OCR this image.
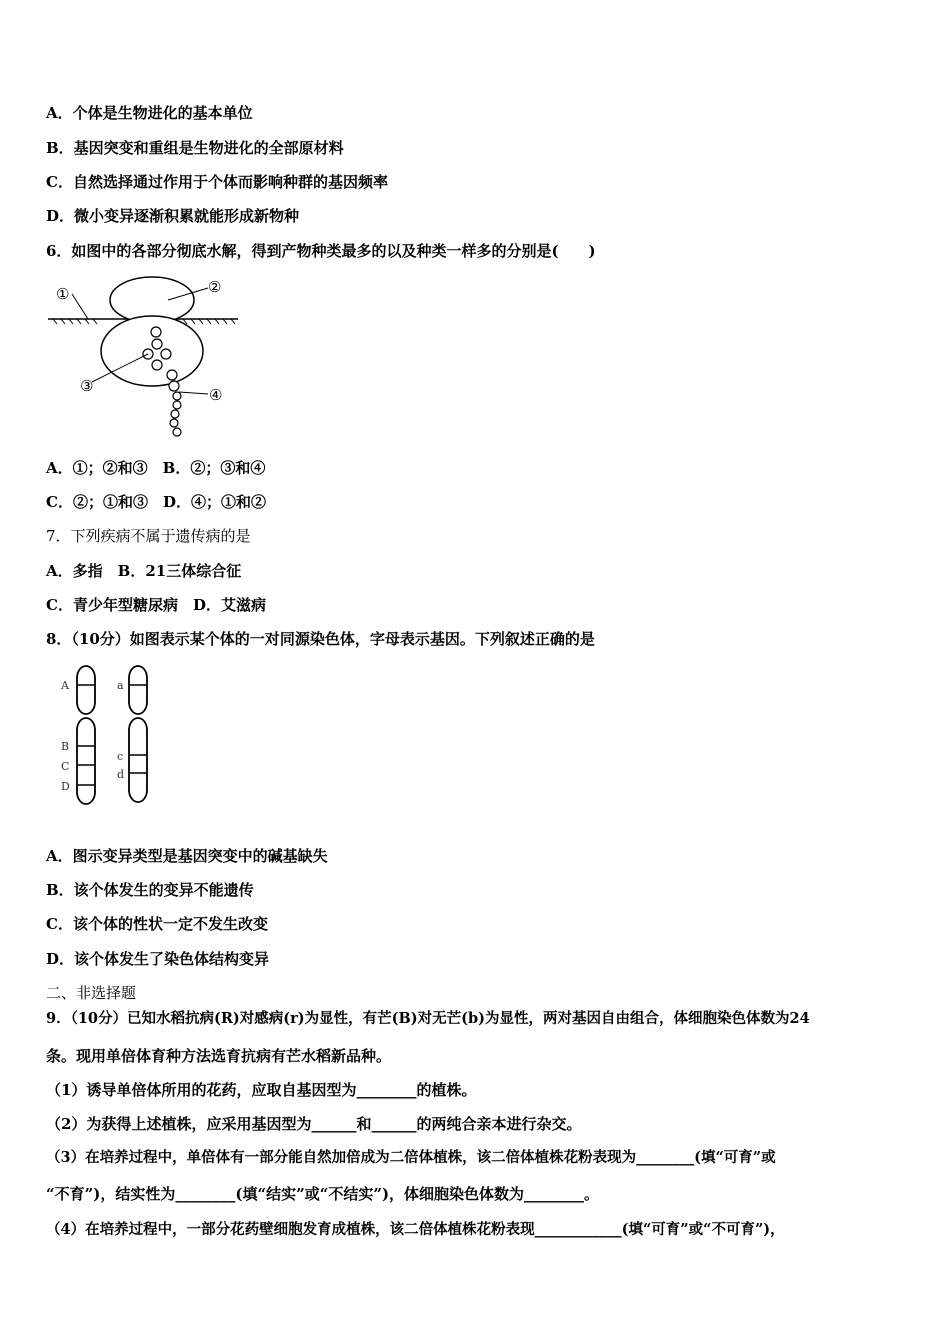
A．个体是生物进化的基本单位
B．基因突变和重组是生物进化的全部原材料
C．自然选择通过作用于个体而影响种群的基因频率
D．微小变异逐渐积累就能形成新物种
6．如图中的各部分彻底水解，得到产物种类最多的以及种类一样多的分别是(　　)
①	②
③	④
A．①；②和③　B．②；③和④
C．②；①和③　D．④；①和②
7．下列疾病不属于遗传病的是
A．多指　B．21三体综合征
C．青少年型糖尿病　D．艾滋病
8．（10分）如图表示某个体的一对同源染色体，字母表示基因。下列叙述正确的是
A
B
C
D
a
c
d
A．图示变异类型是基因突变中的碱基缺失
B．该个体发生的变异不能遗传
C．该个体的性状一定不发生改变
D．该个体发生了染色体结构变异
二、非选择题
9．（10分）已知水稻抗病(R)对感病(r)为显性，有芒(B)对无芒(b)为显性，两对基因自由组合，体细胞染色体数为24
条。现用单倍体育种方法选育抗病有芒水稻新品种。
（1）诱导单倍体所用的花药，应取自基因型为________的植株。
（2）为获得上述植株，应采用基因型为______和______的两纯合亲本进行杂交。
（3）在培养过程中，单倍体有一部分能自然加倍成为二倍体植株，该二倍体植株花粉表现为________(填“可育”或
“不育”)，结实性为________(填“结实”或“不结实”)，体细胞染色体数为________。
（4）在培养过程中，一部分花药壁细胞发育成植株，该二倍体植株花粉表现____________(填“可育”或“不可育”)，
